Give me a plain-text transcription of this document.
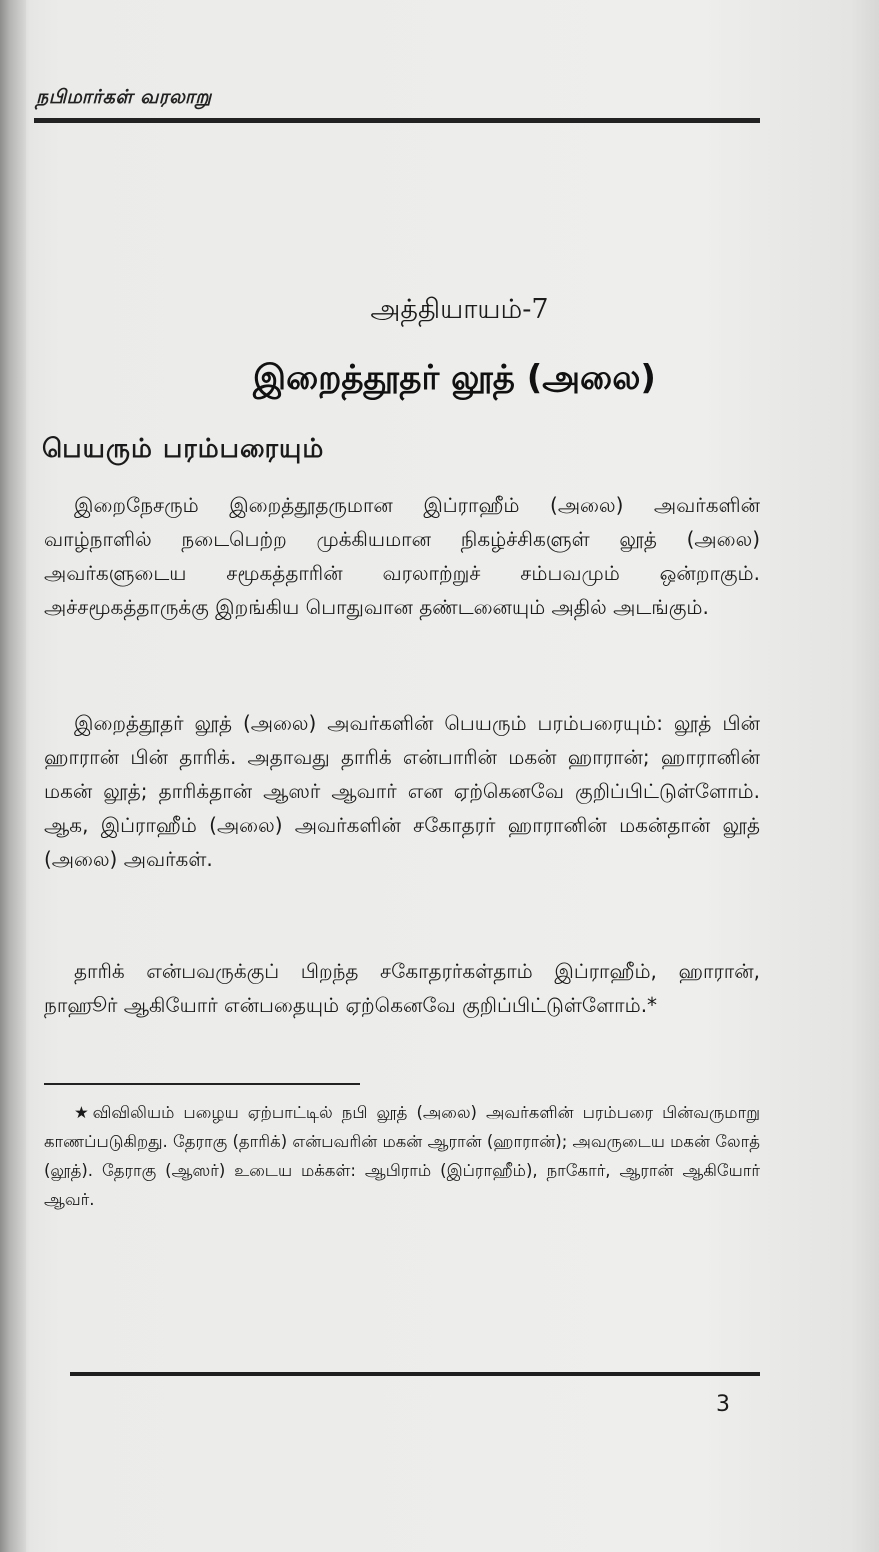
நபிமார்கள் வரலாறு
அத்தியாயம்-7
இறைத்தூதர் லூத் (அலை)
பெயரும் பரம்பரையும்

இறைநேசரும் இறைத்தூதருமான இப்ராஹீம் (அலை) அவர்களின் வாழ்நாளில் நடைபெற்ற முக்கியமான நிகழ்ச்சிகளுள் லூத் (அலை) அவர்களுடைய சமூகத்தாரின் வரலாற்றுச் சம்பவமும் ஒன்றாகும். அச்சமூகத்தாருக்கு இறங்கிய பொதுவான தண்டனையும் அதில் அடங்கும்.

இறைத்தூதர் லூத் (அலை) அவர்களின் பெயரும் பரம்பரையும்: லூத் பின் ஹாரான் பின் தாரிக். அதாவது தாரிக் என்பாரின் மகன் ஹாரான்; ஹாரானின் மகன் லூத்; தாரிக்தான் ஆஸர் ஆவார் என ஏற்கெனவே குறிப்பிட்டுள்ளோம். ஆக, இப்ராஹீம் (அலை) அவர்களின் சகோதரர் ஹாரானின் மகன்தான் லூத் (அலை) அவர்கள்.

தாரிக் என்பவருக்குப் பிறந்த சகோதரர்கள்தாம் இப்ராஹீம், ஹாரான், நாஹூர் ஆகியோர் என்பதையும் ஏற்கெனவே குறிப்பிட்டுள்ளோம்.*

★விவிலியம் பழைய ஏற்பாட்டில் நபி லூத் (அலை) அவர்களின் பரம்பரை பின்வருமாறு காணப்படுகிறது. தேராகு (தாரிக்) என்பவரின் மகன் ஆரான் (ஹாரான்); அவருடைய மகன் லோத் (லூத்). தேராகு (ஆஸர்) உடைய மக்கள்: ஆபிராம் (இப்ராஹீம்), நாகோர், ஆரான் ஆகியோர் ஆவர்.
3
